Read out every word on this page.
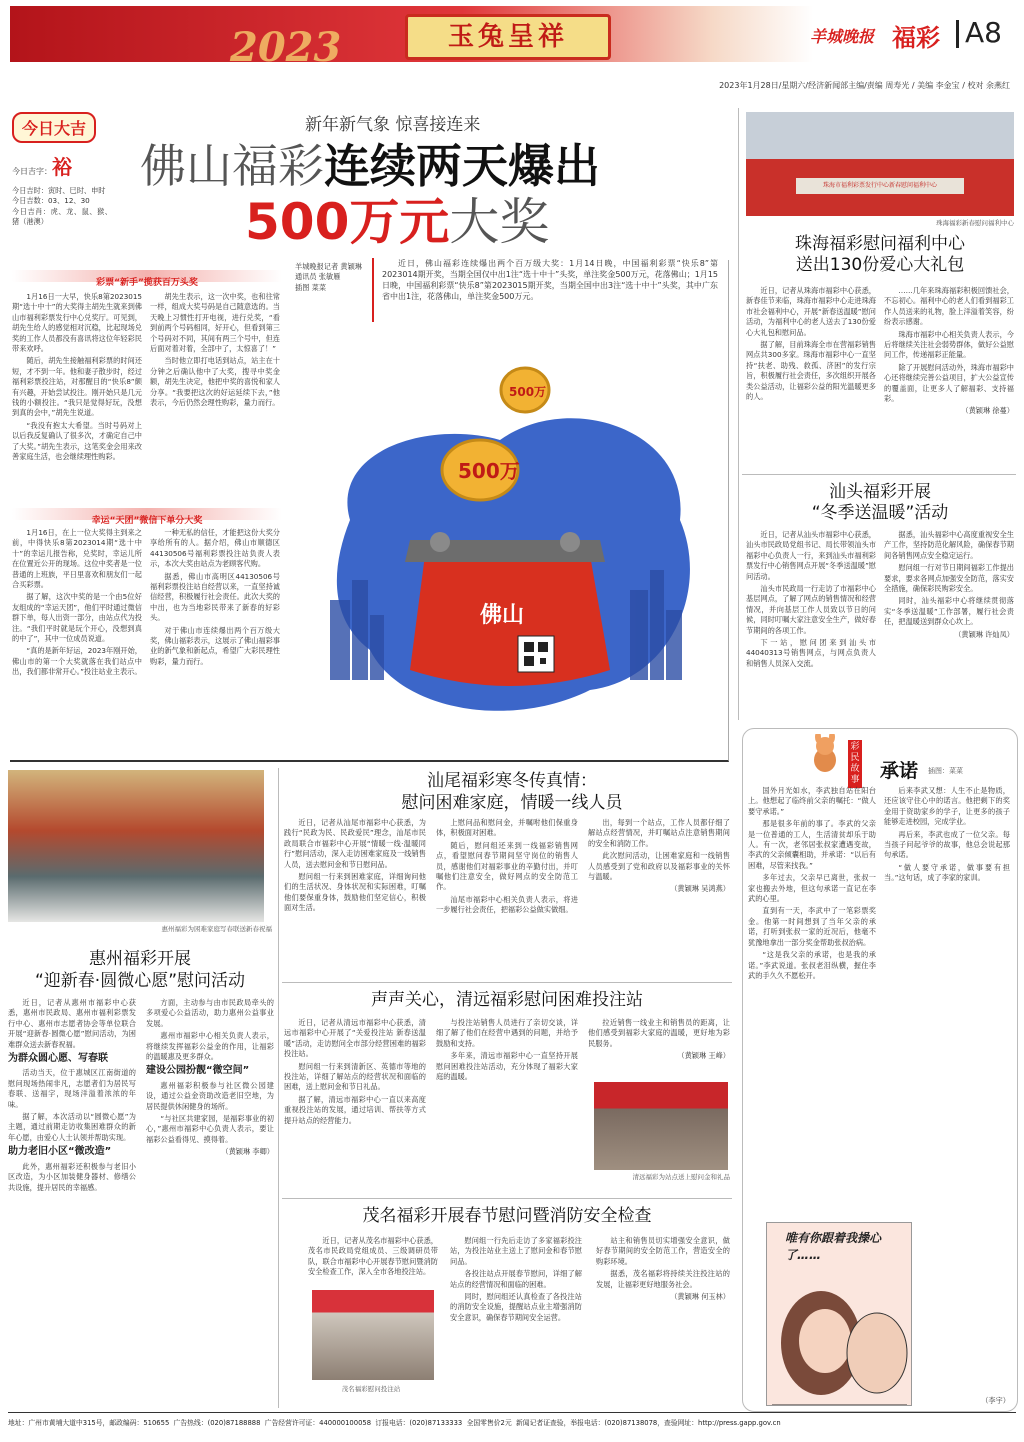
2023	玉兔呈祥	羊城晚报 福彩 A8
2023年1月28日/星期六/经济新闻部主编/责编 周寿光 / 美编 李金宝 / 校对 余燕红
今日大吉
今日吉字：裕
今日吉时：寅时、巳时、申时
今日吉数：03、12、30
今日吉肖：虎、龙、鼠、猴、猪（港澳）
新年新气象 惊喜接连来
佛山福彩连续两天爆出
500万元大奖
羊城晚报记者 黄颖琳
通讯员 张敏雁
插图 菜菜
近日，佛山福彩连续爆出两个百万级大奖：1月14日晚，中国福利彩票“快乐8”第2023014期开奖，当期全国仅中出1注“选十中十”头奖，单注奖金500万元，花落佛山；1月15日晚，中国福利彩票“快乐8”第2023015期开奖，当期全国中出3注“选十中十”头奖，其中广东省中出1注，花落佛山，单注奖金500万元。
彩票“新手”揽获百万头奖

1月16日一大早，快乐8第2023015期“选十中十”的大奖得主胡先生就来到佛山市福利彩票发行中心兑奖厅。可见到，胡先生给人的感觉相对沉稳，比起现场兑奖的工作人员都没有喜讯将这位年轻彩民带来欢呼。

随后，胡先生接触福利彩票的时间还短，才不到一年。他和妻子散步时，经过福利彩票投注站，对那醒目的“快乐8”颇有兴趣，开始尝试投注。刚开始只是几元钱的小额投注。“我只是觉得好玩，没想到真的会中，”胡先生说道。

“我没有抱太大希望。当时号码对上以后我反复确认了很多次，才确定自己中了大奖。”胡先生表示，这笔奖金会用来改善家庭生活，也会继续理性购彩。

胡先生表示，这一次中奖，也和往常一样，组成大奖号码是自己随意选的。当天晚上习惯性打开电视，进行兑奖，“看到前两个号码相同，好开心，但看到第三个号码对不同，其间有两三个号中，但连后面对着对着，全部中了，太惊喜了！”

当时他立即打电话到站点，站主在十分钟之后确认他中了大奖，搜寻中奖金额，胡先生决定，他把中奖的喜悦和家人分享。“我要把这次的好运延续下去，”他表示，今后仍然会理性购彩，量力而行。

幸运“天团”微信下单分大奖

1月16日，在上一位大奖得主到来之前，中得快乐8第2023014期“选十中十”的幸运儿报告称，兑奖时，幸运儿所在位置近公开的现场。这位中奖者是一位普通的上班族，平日里喜欢和朋友们一起合买彩票。

据了解，这次中奖的是一个由5位好友组成的“幸运天团”，他们平时通过微信群下单，每人出资一部分，由站点代为投注。“我们平时就是玩个开心，没想到真的中了”，其中一位成员说道。

“真的是新年好运，2023年刚开始，佛山市的第一个大奖就落在我们站点中出，我们都非常开心。”投注站业主表示。

一种无私的信任，才能把这份大奖分享给所有的人。据介绍，佛山市顺德区44130506号福利彩票投注站负责人表示，本次大奖由站点为老顾客代购。

据悉，佛山市高明区44130506号福利彩票投注站自经营以来，一直坚持诚信经营，积极履行社会责任。此次大奖的中出，也为当地彩民带来了新春的好彩头。

对于佛山市连续爆出两个百万级大奖，佛山福彩表示，这展示了佛山福彩事业的新气象和新起点，希望广大彩民理性购彩，量力而行。

佛山
500万
500万
珠海市福利彩票发行中心新春慰问福利中心
珠海福彩新春慰问福利中心
珠海福彩慰问福利中心
送出130份爱心大礼包

近日，记者从珠海市福彩中心获悉，新春佳节来临，珠海市福彩中心走进珠海市社会福利中心，开展“新春送温暖”慰问活动，为福利中心的老人送去了130份爱心大礼包和慰问品。

据了解，目前珠海全市在营福彩销售网点共300多家。珠海市福彩中心一直坚持“扶老、助残、救孤、济困”的发行宗旨，积极履行社会责任，多次组织开展各类公益活动，让福彩公益的阳光温暖更多的人。

……几年来珠海福彩积极回馈社会，不忘初心。福利中心的老人们看到福彩工作人员送来的礼物，脸上洋溢着笑容，纷纷表示感谢。

珠海市福彩中心相关负责人表示，今后将继续关注社会弱势群体，做好公益慰问工作，传递福彩正能量。

除了开展慰问活动外，珠海市福彩中心还将继续完善公益项目，扩大公益宣传的覆盖面，让更多人了解福彩、支持福彩。

（黄颖琳 徐蔓）

汕头福彩开展
“冬季送温暖”活动

近日，记者从汕头市福彩中心获悉，汕头市民政局党组书记、局长带领汕头市福彩中心负责人一行，来到汕头市福利彩票发行中心销售网点开展“冬季送温暖”慰问活动。

汕头市民政局一行走访了市福彩中心基层网点，了解了网点的销售情况和经营情况，并向基层工作人员致以节日的问候，同时叮嘱大家注意安全生产，做好春节期间的各项工作。

下一站，慰问团来到汕头市44040313号销售网点，与网点负责人和销售人员深入交流。

据悉，汕头福彩中心高度重视安全生产工作，坚持防范化解风险，确保春节期间各销售网点安全稳定运行。

慰问组一行对节日期间福彩工作提出要求，要求各网点加强安全防范，落实安全措施，确保彩民购彩安全。

同时，汕头福彩中心将继续贯彻落实“冬季送温暖”工作部署，履行社会责任，把温暖送到群众心坎上。

（黄颖琳 许灿凤）

彩民故事 承诺 插图：菜菜

国外月光如水，李武独自站在阳台上。他想起了临终前父亲的嘱托：“做人要守承诺。”

那是很多年前的事了。李武的父亲是一位普通的工人，生活清贫却乐于助人。有一次，老邻居张叔家遭遇变故，李武的父亲倾囊相助，并承诺：“以后有困难，尽管来找我。”

多年过去，父亲早已离世，张叔一家也搬去外地，但这句承诺一直记在李武的心里。

直到有一天，李武中了一笔彩票奖金。他第一时间想到了当年父亲的承诺，打听到张叔一家的近况后，他毫不犹豫地拿出一部分奖金帮助张叔治病。

“这是我父亲的承诺，也是我的承诺。”李武说道。张叔老泪纵横，握住李武的手久久不愿松开。

后来李武又想：人生不止是物质，还应该守住心中的诺言。他把剩下的奖金用于资助家乡的学子，让更多的孩子能够走进校园，完成学业。

再后来，李武也成了一位父亲。每当孩子问起爷爷的故事，他总会说起那句承诺。

“做人要守承诺，做事要有担当。”这句话，成了李家的家训。

唯有你跟着我操心了……
（李宇）
惠州福彩为困难家庭写春联送新春祝福
惠州福彩开展
“迎新春·圆微心愿”慰问活动

近日，记者从惠州市福彩中心获悉，惠州市民政局、惠州市福利彩票发行中心、惠州市志愿者协会等单位联合开展“迎新春·圆微心愿”慰问活动，为困难群众送去新春祝福。

为群众圆心愿、写春联

活动当天，位于惠城区江南街道的慰问现场热闹非凡，志愿者们为居民写春联、送福字，现场洋溢着浓浓的年味。

据了解，本次活动以“圆微心愿”为主题，通过前期走访收集困难群众的新年心愿，由爱心人士认领并帮助实现。

助力老旧小区“微改造”

此外，惠州福彩还积极参与老旧小区改造，为小区加装健身器材、修缮公共设施，提升居民的幸福感。

方面，主动参与由市民政局牵头的多项爱心公益活动，助力惠州公益事业发展。

惠州市福彩中心相关负责人表示，将继续发挥福彩公益金的作用，让福彩的温暖惠及更多群众。

建设公园扮靓“微空间”

惠州福彩积极参与社区微公园建设，通过公益金资助改造老旧空地，为居民提供休闲健身的场所。

“与社区共建家园，是福彩事业的初心，”惠州市福彩中心负责人表示，要让福彩公益看得见、摸得着。

（黄颖琳 李卿）

汕尾福彩寒冬传真情：
慰问困难家庭，情暖一线人员

近日，记者从汕尾市福彩中心获悉，为践行“民政为民、民政爱民”理念，汕尾市民政局联合市福彩中心开展“情暖一线·温暖同行”慰问活动，深入走访困难家庭及一线销售人员，送去慰问金和节日慰问品。

慰问组一行来到困难家庭，详细询问他们的生活状况、身体状况和实际困难，叮嘱他们要保重身体，鼓励他们坚定信心，积极面对生活。

上慰问品和慰问金，并嘱咐他们保重身体，积极面对困难。

随后，慰问组还来到一线福彩销售网点，看望慰问春节期间坚守岗位的销售人员，感谢他们对福彩事业的辛勤付出，并叮嘱他们注意安全，做好网点的安全防范工作。

汕尾市福彩中心相关负责人表示，将进一步履行社会责任，把福彩公益做实做细。

出，每到一个站点，工作人员都仔细了解站点经营情况，并叮嘱站点注意销售期间的安全和消防工作。

此次慰问活动，让困难家庭和一线销售人员感受到了党和政府以及福彩事业的关怀与温暖。

（黄颖琳 吴鸿燕）

声声关心，清远福彩慰问困难投注站

近日，记者从清远市福彩中心获悉，清远市福彩中心开展了“关爱投注站 新春送温暖”活动，走访慰问全市部分经营困难的福彩投注站。

慰问组一行来到清新区、英德市等地的投注站，详细了解站点的经营状况和面临的困难，送上慰问金和节日礼品。

据了解，清远市福彩中心一直以来高度重视投注站的发展，通过培训、帮扶等方式提升站点的经营能力。

与投注站销售人员进行了亲切交谈，详细了解了他们在经营中遇到的问题，并给予鼓励和支持。

多年来，清远市福彩中心一直坚持开展慰问困难投注站活动，充分体现了福彩大家庭的温暖。

拉近销售一线业主和销售员的距离，让他们感受到福彩大家庭的温暖，更好地为彩民服务。

（黄颖琳 王峰）

清远福彩为站点送上慰问金和礼品
茂名福彩开展春节慰问暨消防安全检查

近日，记者从茂名市福彩中心获悉，茂名市民政局党组成员、三级调研员带队，联合市福彩中心开展春节慰问暨消防安全检查工作，深入全市各地投注站。

茂名福彩慰问投注站

慰问组一行先后走访了多家福彩投注站，为投注站业主送上了慰问金和春节慰问品。

各投注站点开展春节慰问，详细了解站点的经营情况和面临的困难。

同时，慰问组还认真检查了各投注站的消防安全设施，提醒站点业主增强消防安全意识，确保春节期间安全运营。

站主和销售员切实增强安全意识，做好春节期间的安全防范工作，营造安全的购彩环境。

据悉，茂名福彩将持续关注投注站的发展，让福彩更好地服务社会。

（黄颖琳 何玉林）

地址：广州市黄埔大道中315号，邮政编码：510655 广告热线：(020)87188888 广告经营许可证：440000100058 订报电话：(020)87133333 全国零售价2元 新闻记者证查验，举报电话：(020)87138078，查验网址：http://press.gapp.gov.cn
